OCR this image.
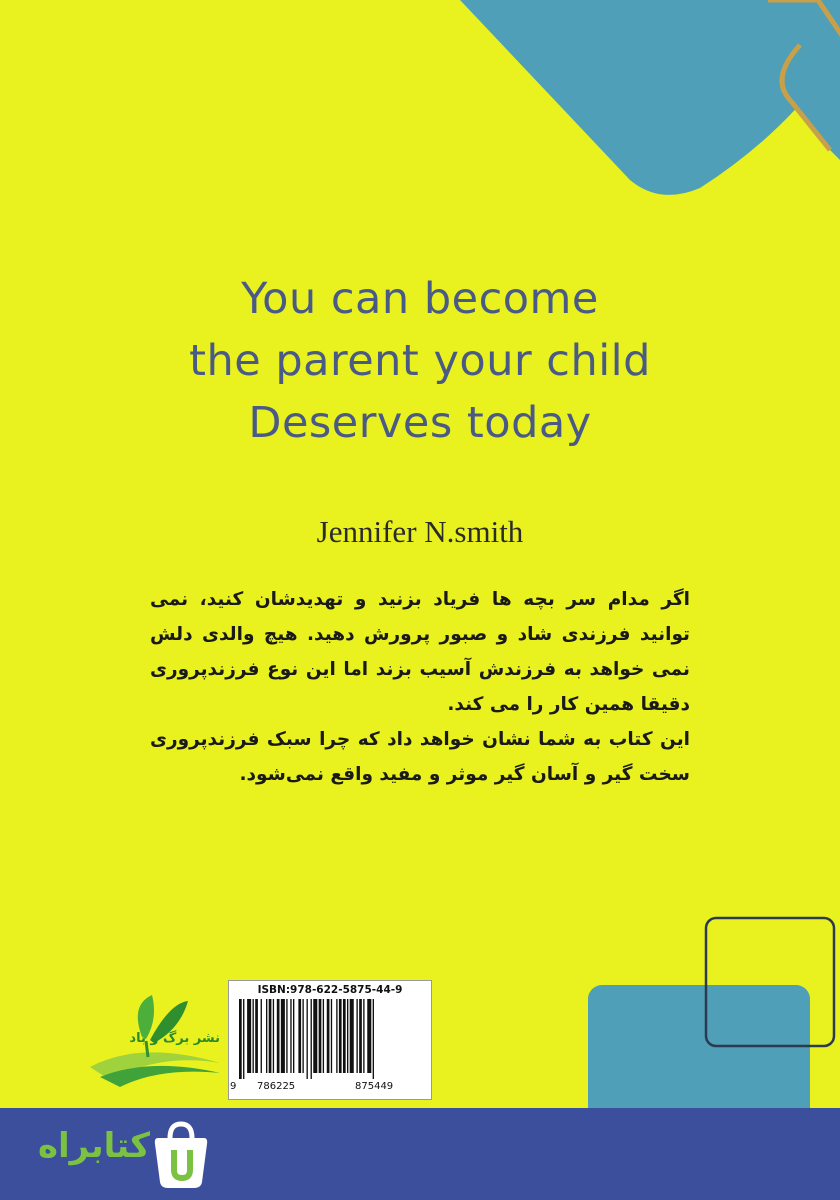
You can become
the parent your child
Deserves today
Jennifer N.smith

اگر مدام سر بچه ها فریاد بزنید و تهدیدشان کنید، نمی توانید فرزندی شاد و صبور پرورش دهید. هیچ والدی دلش نمی خواهد به فرزندش آسیب بزند اما این نوع فرزندپروری دقیقا همین کار را می کند.

این کتاب به شما نشان خواهد داد که چرا سبک فرزندپروری سخت گیر و آسان گیر موثر و مفید واقع نمی‌شود.

نشر برگ و باد
ISBN:978-622-5875-44-9
9 786225	875449
کتابراه
